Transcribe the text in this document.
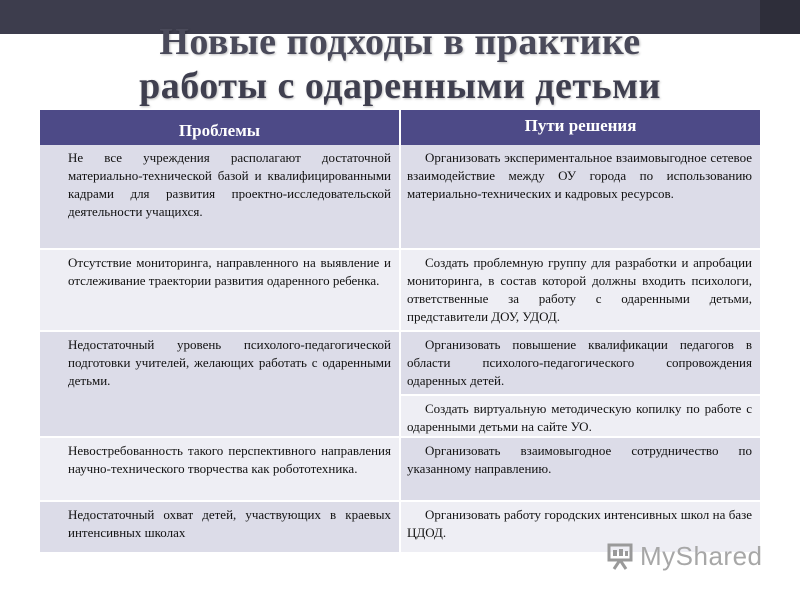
Новые подходы в практике
работы с одаренными детьми
Проблемы	Пути решения
Не все учреждения располагают достаточной материально-технической базой и квалифицированными кадрами для развития проектно-исследовательской деятельности учащихся.
Организовать экспериментальное взаимовыгодное сетевое взаимодействие между ОУ города по использованию материально-технических и кадровых ресурсов.
Отсутствие мониторинга, направленного на выявление и отслеживание траектории развития одаренного ребенка.
Создать проблемную группу для разработки и апробации мониторинга, в состав которой должны входить психологи, ответственные за работу с одаренными детьми, представители ДОУ, УДОД.
Недостаточный уровень психолого-педагогической подготовки учителей, желающих работать с одаренными детьми.
Организовать повышение квалификации педагогов в области психолого-педагогического сопровождения одаренных детей.
Создать виртуальную методическую копилку по работе с одаренными детьми на сайте УО.
Невостребованность такого перспективного направления научно-технического творчества как робототехника.
Организовать взаимовыгодное сотрудничество по указанному направлению.
Недостаточный охват детей, участвующих в краевых интенсивных школах
Организовать работу городских интенсивных школ на базе ЦДОД.
MyShared
